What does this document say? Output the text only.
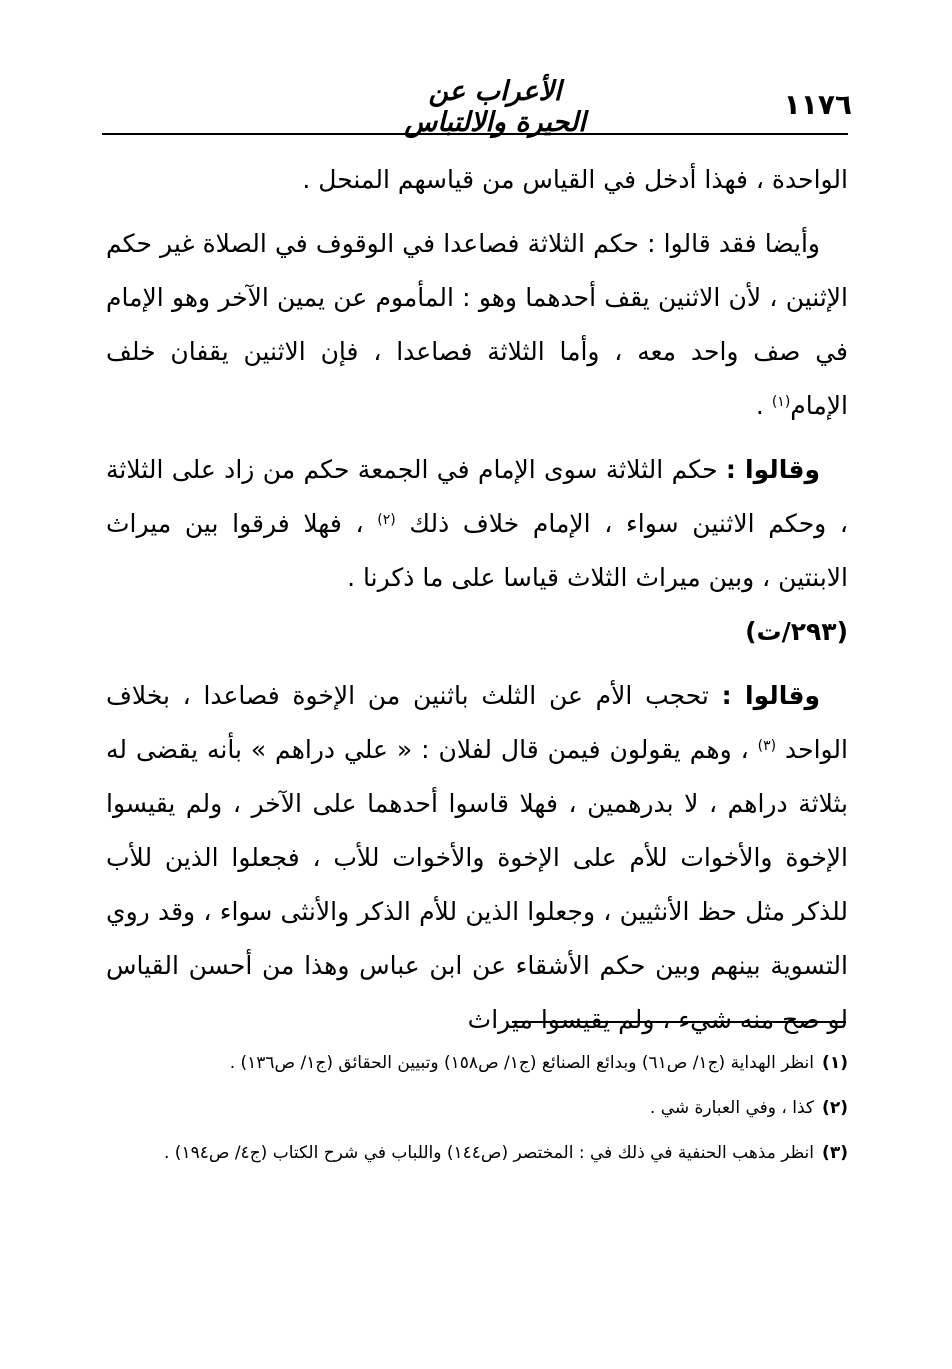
١١٧٦
الأعراب عن الحيرة والالتباس

الواحدة ، فهذا أدخل في القياس من قياسهم المنحل .

وأيضا فقد قالوا : حكم الثلاثة فصاعدا في الوقوف في الصلاة غير حكم الإثنين ، لأن الاثنين يقف أحدهما وهو : المأموم عن يمين الآخر وهو الإمام في صف واحد معه ، وأما الثلاثة فصاعدا ، فإن الاثنين يقفان خلف الإمام$^{(١)}$ .

وقالوا : حكم الثلاثة سوى الإمام في الجمعة حكم من زاد على الثلاثة ، وحكم الاثنين سواء ، الإمام خلاف ذلك $^{(٢)}$ ، فهلا فرقوا بين ميراث الابنتين ، وبين ميراث الثلاث قياسا على ما ذكرنا .
(٢٩٣/ت)

وقالوا : تحجب الأم عن الثلث باثنين من الإخوة فصاعدا ، بخلاف الواحد $^{(٣)}$ ، وهم يقولون فيمن قال لفلان : « علي دراهم » بأنه يقضى له بثلاثة دراهم ، لا بدرهمين ، فهلا قاسوا أحدهما على الآخر ، ولم يقيسوا الإخوة والأخوات للأم على الإخوة والأخوات للأب ، فجعلوا الذين للأب للذكر مثل حظ الأنثيين ، وجعلوا الذين للأم الذكر والأنثى سواء ، وقد روي التسوية بينهم وبين حكم الأشقاء عن ابن عباس وهذا من أحسن القياس لو صح منه شيء ، ولم يقيسوا ميراث

(١)
انظر الهداية (ج١/ ص٦١) وبدائع الصنائع (ج١/ ص١٥٨) وتبيين الحقائق (ج١/ ص١٣٦) .
(٢)
كذا ، وفي العبارة شي .
(٣)
انظر مذهب الحنفية في ذلك في : المختصر (ص١٤٤) واللباب في شرح الكتاب (ج٤/ ص١٩٤) .
